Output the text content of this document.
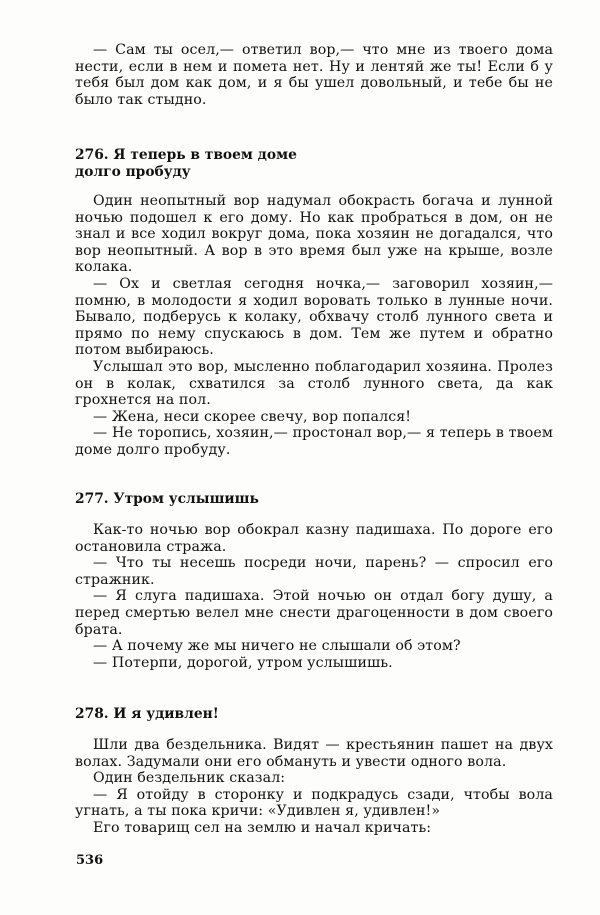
— Сам ты осел,— ответил вор,— что мне из твоего дома нести, если в нем и помета нет. Ну и лентяй же ты! Если б у тебя был дом как дом, и я бы ушел довольный, и тебе бы не было так стыдно.

276. Я теперь в твоем доме
долго пробуду

Один неопытный вор надумал обокрасть богача и лунной ночью подошел к его дому. Но как пробраться в дом, он не знал и все ходил вокруг дома, пока хозяин не догадался, что вор неопытный. А вор в это время был уже на крыше, возле колака.

— Ох и светлая сегодня ночка,— заговорил хозяин,— помню, в молодости я ходил воровать только в лунные ночи. Бывало, подберусь к колаку, обхвачу столб лунного света и прямо по нему спускаюсь в дом. Тем же путем и обратно потом выбираюсь.

Услышал это вор, мысленно поблагодарил хозяина. Пролез он в колак, схватился за столб лунного света, да как грохнется на пол.

— Жена, неси скорее свечу, вор попался!

— Не торопись, хозяин,— простонал вор,— я теперь в твоем доме долго пробуду.

277. Утром услышишь

Как-то ночью вор обокрал казну падишаха. По дороге его остановила стража.

— Что ты несешь посреди ночи, парень? — спросил его стражник.

— Я слуга падишаха. Этой ночью он отдал богу душу, а перед смертью велел мне снести драгоценности в дом своего брата.

— А почему же мы ничего не слышали об этом?

— Потерпи, дорогой, утром услышишь.

278. И я удивлен!

Шли два бездельника. Видят — крестьянин пашет на двух волах. Задумали они его обмануть и увести одного вола.

Один бездельник сказал:

— Я отойду в сторонку и подкрадусь сзади, чтобы вола угнать, а ты пока кричи: «Удивлен я, удивлен!»

Его товарищ сел на землю и начал кричать:

536
